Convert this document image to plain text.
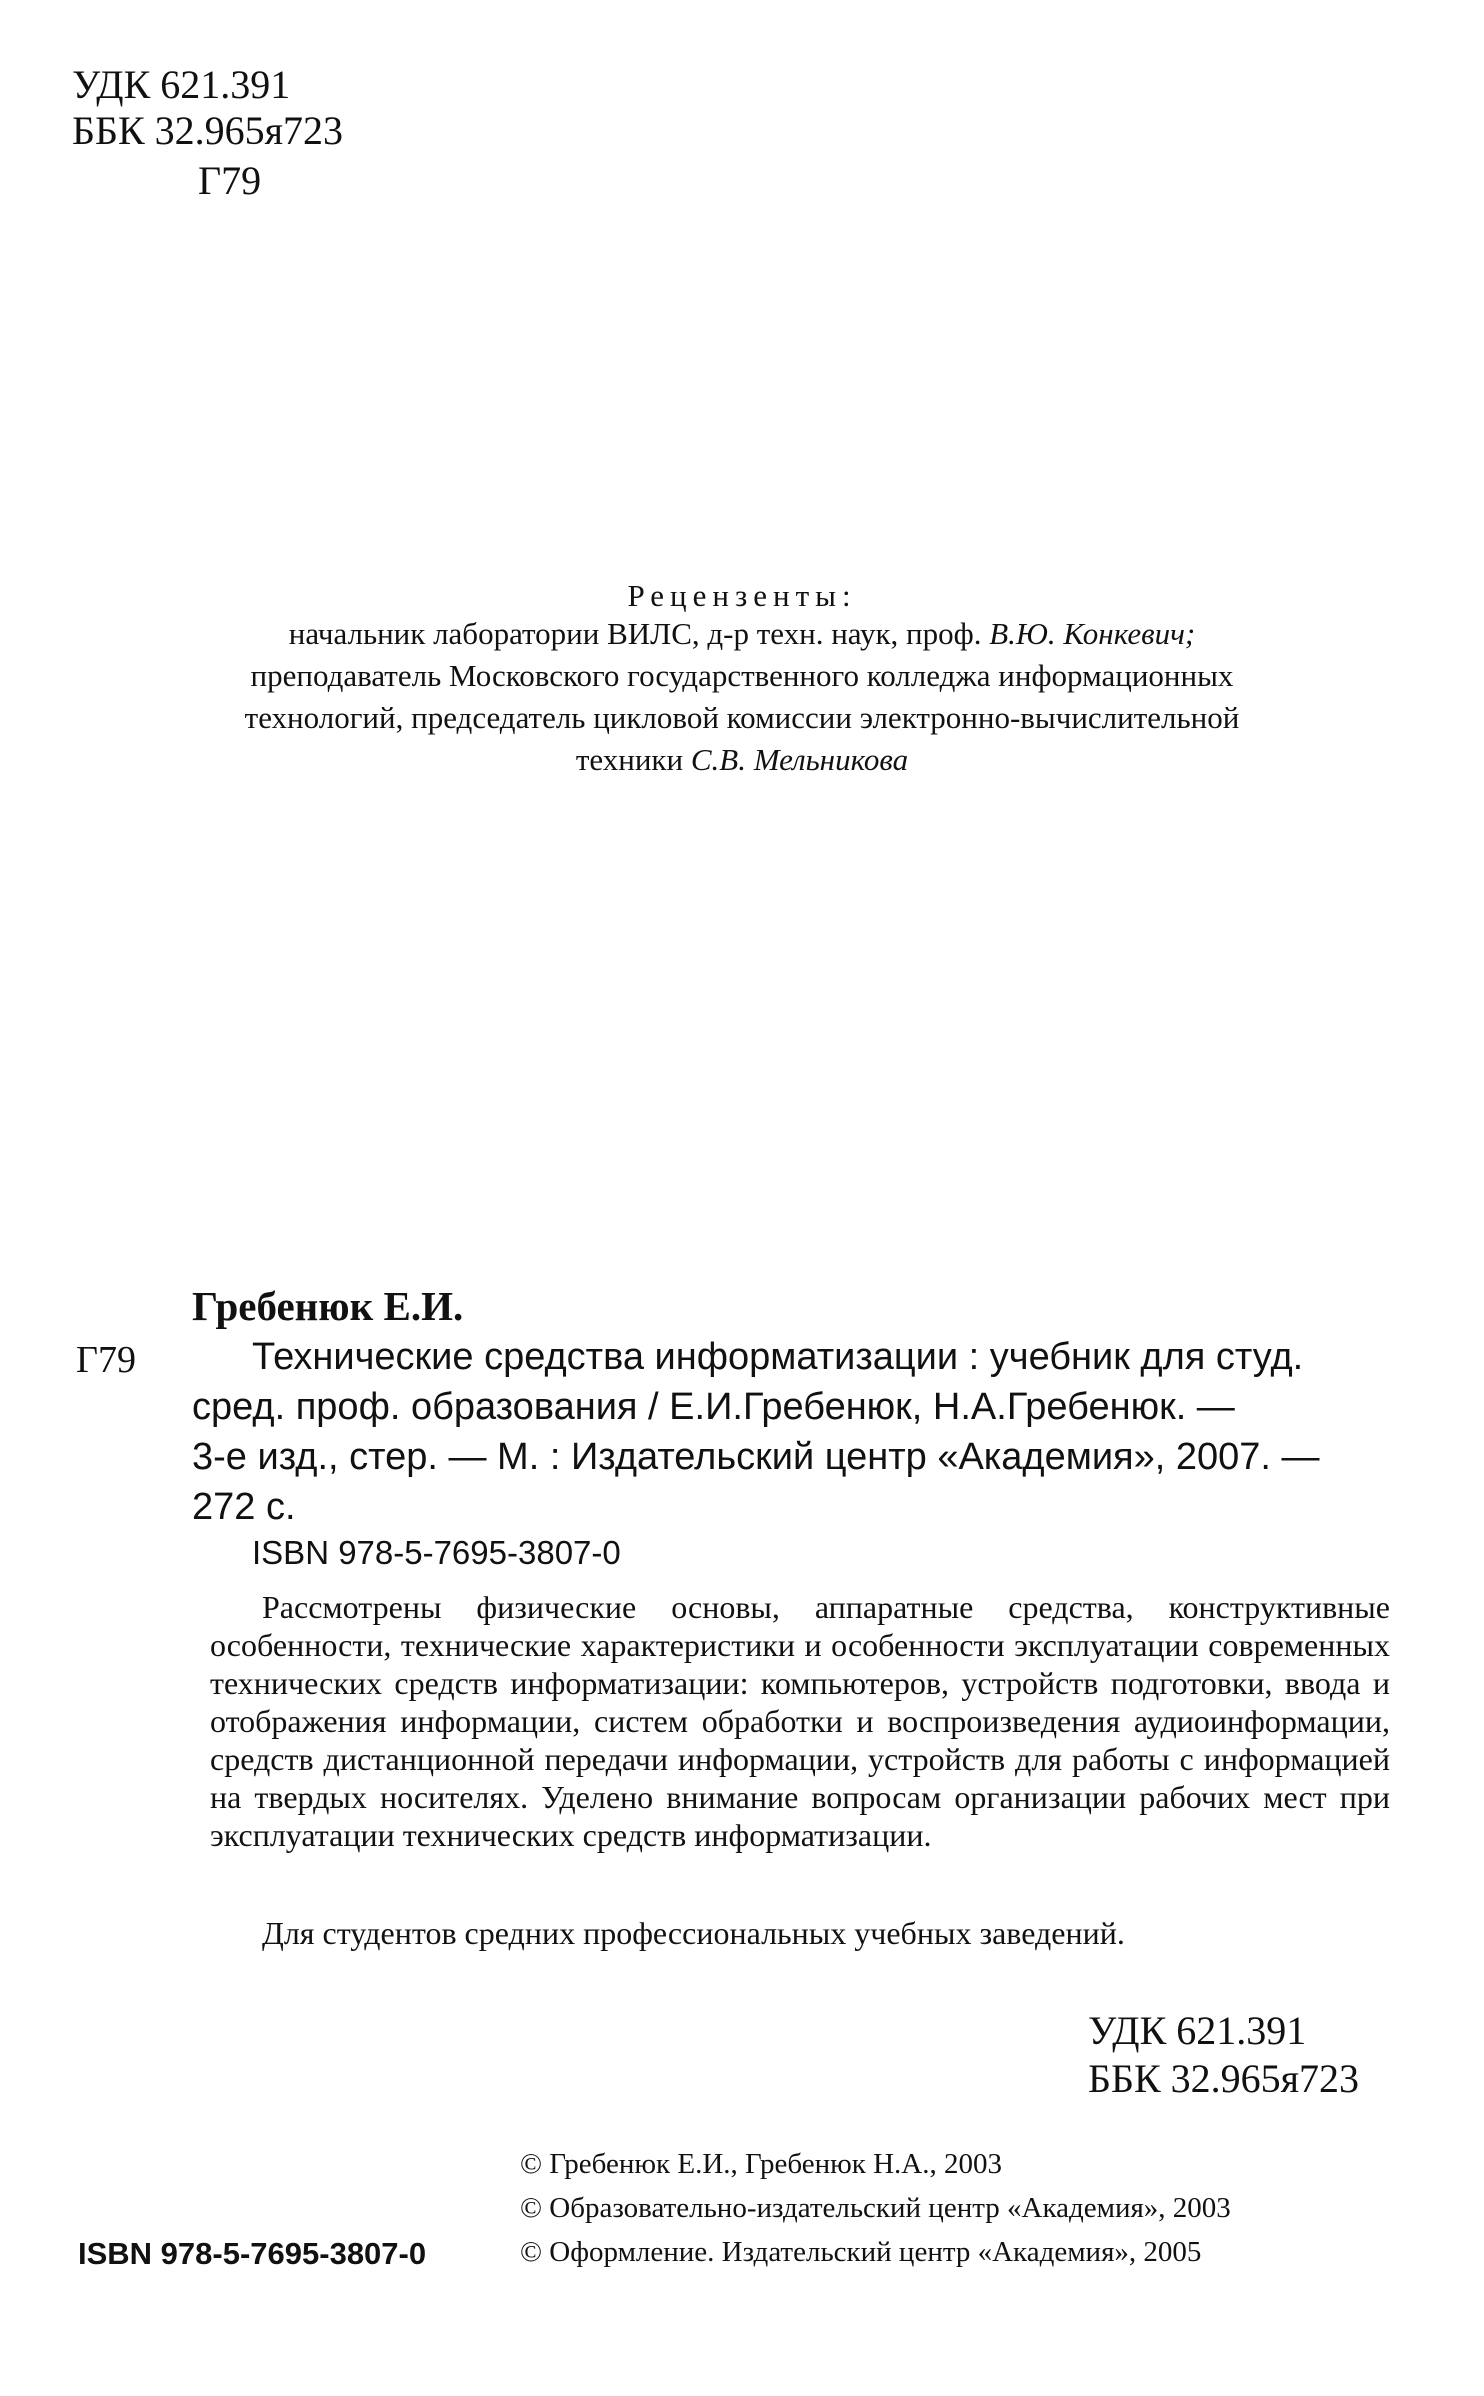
УДК 621.391
ББК 32.965я723
Г79
Рецензенты:
начальник лаборатории ВИЛС, д-р техн. наук, проф. В.Ю. Конкевич;
преподаватель Московского государственного колледжа информационных
технологий, председатель цикловой комиссии электронно-вычислительной
техники С.В. Мельникова
Гребенюк Е.И.
Г79	Технические средства информатизации : учебник для студ.
сред. проф. образования / Е.И.Гребенюк, Н.А.Гребенюк. —
3-е изд., стер. — М. : Издательский центр «Академия», 2007. —
272 с.
ISBN 978-5-7695-3807-0

Рассмотрены физические основы, аппаратные средства, конструктивные особенности, технические характеристики и особенности эксплуатации современных технических средств информатизации: компьютеров, устройств подготовки, ввода и отображения информации, систем обработки и воспроизведения аудиоинформации, средств дистанционной передачи информации, устройств для работы с информацией на твердых носителях. Уделено внимание вопросам организации рабочих мест при эксплуатации технических средств информатизации.

Для студентов средних профессиональных учебных заведений.
УДК 621.391
ББК 32.965я723
© Гребенюк Е.И., Гребенюк Н.А., 2003
© Образовательно-издательский центр «Академия», 2003
© Оформление. Издательский центр «Академия», 2005
ISBN 978-5-7695-3807-0
